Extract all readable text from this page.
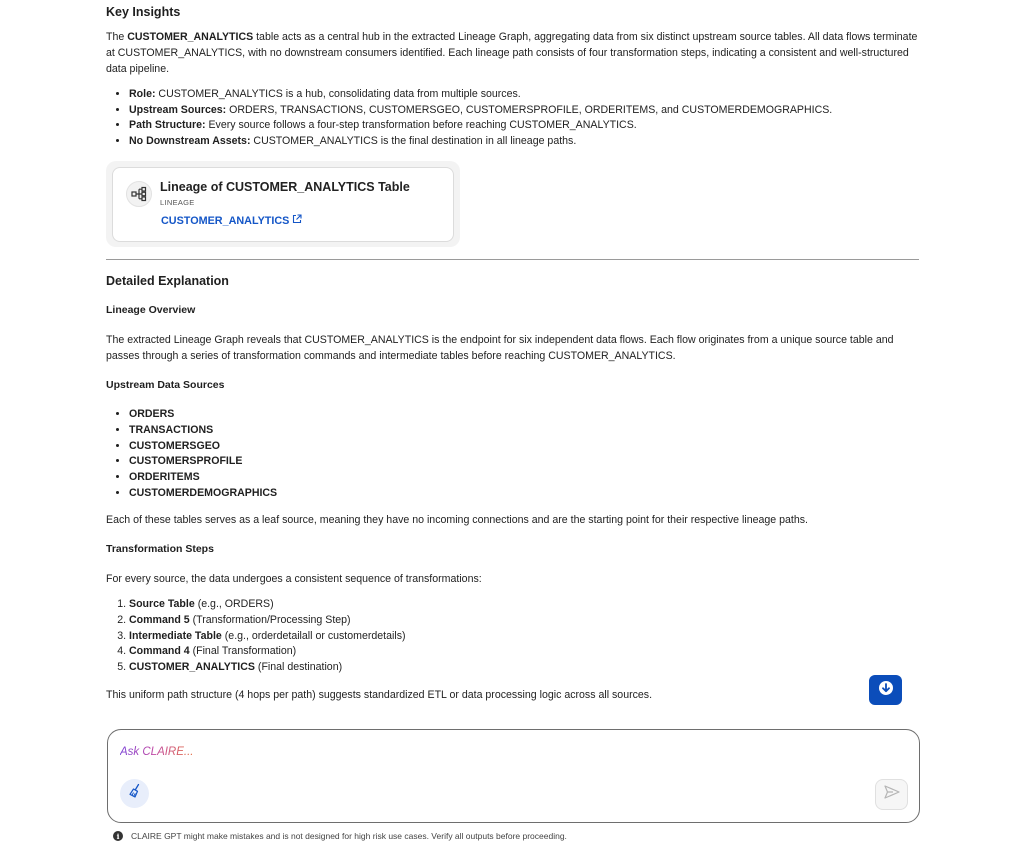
Key Insights
The CUSTOMER_ANALYTICS table acts as a central hub in the extracted Lineage Graph, aggregating data from six distinct upstream source tables. All data flows terminate at CUSTOMER_ANALYTICS, with no downstream consumers identified. Each lineage path consists of four transformation steps, indicating a consistent and well-structured data pipeline.
• Role: CUSTOMER_ANALYTICS is a hub, consolidating data from multiple sources.
• Upstream Sources: ORDERS, TRANSACTIONS, CUSTOMERSGEO, CUSTOMERSPROFILE, ORDERITEMS, and CUSTOMERDEMOGRAPHICS.
• Path Structure: Every source follows a four-step transformation before reaching CUSTOMER_ANALYTICS.
• No Downstream Assets: CUSTOMER_ANALYTICS is the final destination in all lineage paths.
Lineage of CUSTOMER_ANALYTICS Table
LINEAGE
CUSTOMER_ANALYTICS
Detailed Explanation
Lineage Overview
The extracted Lineage Graph reveals that CUSTOMER_ANALYTICS is the endpoint for six independent data flows. Each flow originates from a unique source table and passes through a series of transformation commands and intermediate tables before reaching CUSTOMER_ANALYTICS.
Upstream Data Sources
• ORDERS
• TRANSACTIONS
• CUSTOMERSGEO
• CUSTOMERSPROFILE
• ORDERITEMS
• CUSTOMERDEMOGRAPHICS
Each of these tables serves as a leaf source, meaning they have no incoming connections and are the starting point for their respective lineage paths.
Transformation Steps
For every source, the data undergoes a consistent sequence of transformations:
1. Source Table (e.g., ORDERS)
2. Command 5 (Transformation/Processing Step)
3. Intermediate Table (e.g., orderdetailall or customerdetails)
4. Command 4 (Final Transformation)
5. CUSTOMER_ANALYTICS (Final destination)
This uniform path structure (4 hops per path) suggests standardized ETL or data processing logic across all sources.
Ask CLAIRE...
i	CLAIRE GPT might make mistakes and is not designed for high risk use cases. Verify all outputs before proceeding.
